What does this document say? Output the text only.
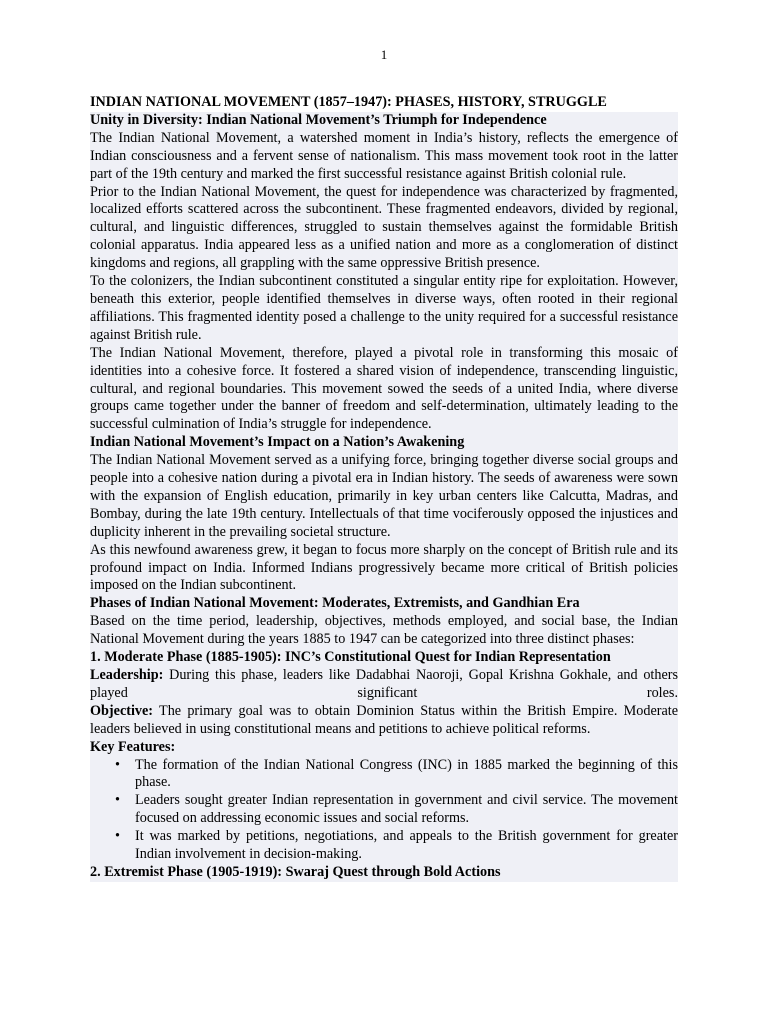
1
INDIAN NATIONAL MOVEMENT (1857–1947): PHASES, HISTORY, STRUGGLE
Unity in Diversity: Indian National Movement’s Triumph for Independence

The Indian National Movement, a watershed moment in India’s history, reflects the emergence of Indian consciousness and a fervent sense of nationalism. This mass movement took root in the latter part of the 19th century and marked the first successful resistance against British colonial rule.

Prior to the Indian National Movement, the quest for independence was characterized by fragmented, localized efforts scattered across the subcontinent. These fragmented endeavors, divided by regional, cultural, and linguistic differences, struggled to sustain themselves against the formidable British colonial apparatus. India appeared less as a unified nation and more as a conglomeration of distinct kingdoms and regions, all grappling with the same oppressive British presence.

To the colonizers, the Indian subcontinent constituted a singular entity ripe for exploitation. However, beneath this exterior, people identified themselves in diverse ways, often rooted in their regional affiliations. This fragmented identity posed a challenge to the unity required for a successful resistance against British rule.

The Indian National Movement, therefore, played a pivotal role in transforming this mosaic of identities into a cohesive force. It fostered a shared vision of independence, transcending linguistic, cultural, and regional boundaries. This movement sowed the seeds of a united India, where diverse groups came together under the banner of freedom and self-determination, ultimately leading to the successful culmination of India’s struggle for independence.

Indian National Movement’s Impact on a Nation’s Awakening

The Indian National Movement served as a unifying force, bringing together diverse social groups and people into a cohesive nation during a pivotal era in Indian history. The seeds of awareness were sown with the expansion of English education, primarily in key urban centers like Calcutta, Madras, and Bombay, during the late 19th century. Intellectuals of that time vociferously opposed the injustices and duplicity inherent in the prevailing societal structure.

As this newfound awareness grew, it began to focus more sharply on the concept of British rule and its profound impact on India. Informed Indians progressively became more critical of British policies imposed on the Indian subcontinent.

Phases of Indian National Movement: Moderates, Extremists, and Gandhian Era

Based on the time period, leadership, objectives, methods employed, and social base, the Indian National Movement during the years 1885 to 1947 can be categorized into three distinct phases:

1. Moderate Phase (1885-1905): INC’s Constitutional Quest for Indian Representation

Leadership: During this phase, leaders like Dadabhai Naoroji, Gopal Krishna Gokhale, and others played significant roles.

Objective: The primary goal was to obtain Dominion Status within the British Empire. Moderate leaders believed in using constitutional means and petitions to achieve political reforms.

Key Features:
• The formation of the Indian National Congress (INC) in 1885 marked the beginning of this phase.
• Leaders sought greater Indian representation in government and civil service. The movement focused on addressing economic issues and social reforms.
• It was marked by petitions, negotiations, and appeals to the British government for greater Indian involvement in decision-making.
2. Extremist Phase (1905-1919): Swaraj Quest through Bold Actions
